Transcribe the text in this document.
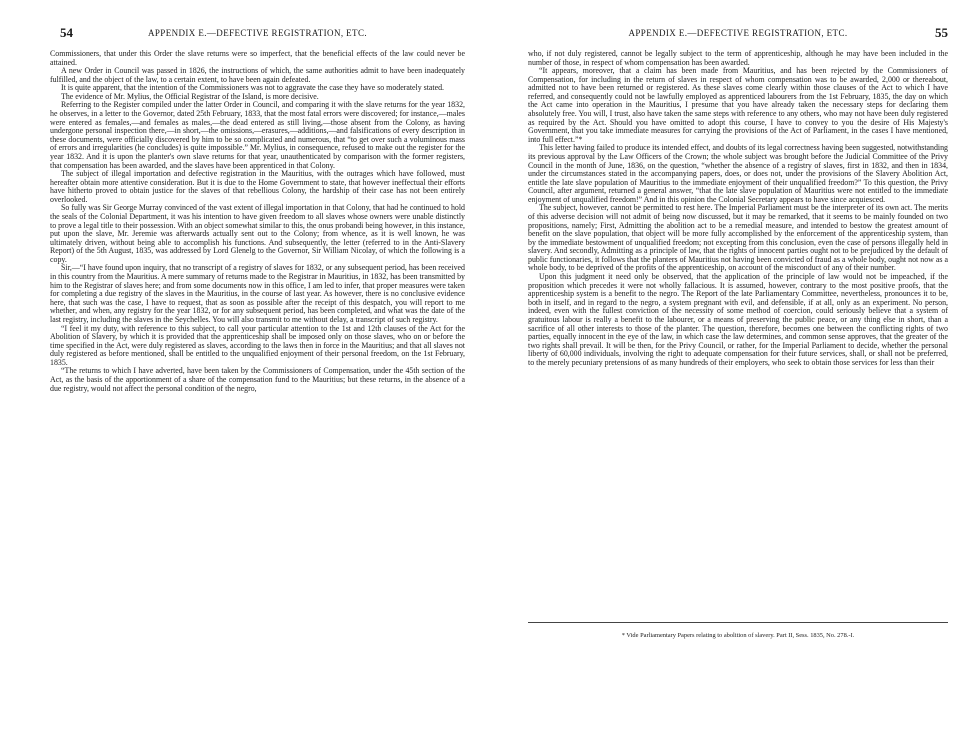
54	APPENDIX E.—DEFECTIVE REGISTRATION, ETC.

Commissioners, that under this Order the slave returns were so imperfect, that the beneficial effects of the law could never be attained.

A new Order in Council was passed in 1826, the instructions of which, the same authorities admit to have been inadequately fulfilled, and the object of the law, to a certain extent, to have been again defeated.

It is quite apparent, that the intention of the Commissioners was not to aggravate the case they have so moderately stated.

The evidence of Mr. Mylius, the Official Registrar of the Island, is more decisive.

Referring to the Register compiled under the latter Order in Council, and comparing it with the slave returns for the year 1832, he observes, in a letter to the Governor, dated 25th February, 1833, that the most fatal errors were discovered; for instance,—males were entered as females,—and females as males,—the dead entered as still living,—those absent from the Colony, as having undergone personal inspection there,—in short,—the omissions,—erasures,—additions,—and falsifications of every description in these documents, were officially discovered by him to be so complicated and numerous, that “to get over such a voluminous mass of errors and irregularities (he concludes) is quite impossible.” Mr. Mylius, in consequence, refused to make out the register for the year 1832. And it is upon the planter's own slave returns for that year, unauthenticated by comparison with the former registers, that compensation has been awarded, and the slaves have been apprenticed in that Colony.

The subject of illegal importation and defective registration in the Mauritius, with the outrages which have followed, must hereafter obtain more attentive consideration. But it is due to the Home Government to state, that however ineffectual their efforts have hitherto proved to obtain justice for the slaves of that rebellious Colony, the hardship of their case has not been entirely overlooked.

So fully was Sir George Murray convinced of the vast extent of illegal importation in that Colony, that had he continued to hold the seals of the Colonial Department, it was his intention to have given freedom to all slaves whose owners were unable distinctly to prove a legal title to their possession. With an object somewhat similar to this, the onus probandi being however, in this instance, put upon the slave, Mr. Jeremie was afterwards actually sent out to the Colony; from whence, as it is well known, he was ultimately driven, without being able to accomplish his functions. And subsequently, the letter (referred to in the Anti-Slavery Report) of the 5th August, 1835, was addressed by Lord Glenelg to the Governor, Sir William Nicolay, of which the following is a copy.

Sir,—“I have found upon inquiry, that no transcript of a registry of slaves for 1832, or any subsequent period, has been received in this country from the Mauritius. A mere summary of returns made to the Registrar in Mauritius, in 1832, has been transmitted by him to the Registrar of slaves here; and from some documents now in this office, I am led to infer, that proper measures were taken for completing a due registry of the slaves in the Mauritius, in the course of last year. As however, there is no conclusive evidence here, that such was the case, I have to request, that as soon as possible after the receipt of this despatch, you will report to me whether, and when, any registry for the year 1832, or for any subsequent period, has been completed, and what was the date of the last registry, including the slaves in the Seychelles. You will also transmit to me without delay, a transcript of such registry.

“I feel it my duty, with reference to this subject, to call your particular attention to the 1st and 12th clauses of the Act for the Abolition of Slavery, by which it is provided that the apprenticeship shall be imposed only on those slaves, who on or before the time specified in the Act, were duly registered as slaves, according to the laws then in force in the Mauritius; and that all slaves not duly registered as before mentioned, shall be entitled to the unqualified enjoyment of their personal freedom, on the 1st February, 1835.

“The returns to which I have adverted, have been taken by the Commissioners of Compensation, under the 45th section of the Act, as the basis of the apportionment of a share of the compensation fund to the Mauritius; but these returns, in the absence of a due registry, would not affect the personal condition of the negro,

APPENDIX E.—DEFECTIVE REGISTRATION, ETC.	55

who, if not duly registered, cannot be legally subject to the term of apprenticeship, although he may have been included in the number of those, in respect of whom compensation has been awarded.

“It appears, moreover, that a claim has been made from Mauritius, and has been rejected by the Commissioners of Compensation, for including in the return of slaves in respect of whom compensation was to be awarded, 2,000 or thereabout, admitted not to have been returned or registered. As these slaves come clearly within those clauses of the Act to which I have referred, and consequently could not be lawfully employed as apprenticed labourers from the 1st February, 1835, the day on which the Act came into operation in the Mauritius, I presume that you have already taken the necessary steps for declaring them absolutely free. You will, I trust, also have taken the same steps with reference to any others, who may not have been duly registered as required by the Act. Should you have omitted to adopt this course, I have to convey to you the desire of His Majesty's Government, that you take immediate measures for carrying the provisions of the Act of Parliament, in the cases I have mentioned, into full effect.”*

This letter having failed to produce its intended effect, and doubts of its legal correctness having been suggested, notwithstanding its previous approval by the Law Officers of the Crown; the whole subject was brought before the Judicial Committee of the Privy Council in the month of June, 1836, on the question, “whether the absence of a registry of slaves, first in 1832, and then in 1834, under the circumstances stated in the accompanying papers, does, or does not, under the provisions of the Slavery Abolition Act, entitle the late slave population of Mauritius to the immediate enjoyment of their unqualified freedom?” To this question, the Privy Council, after argument, returned a general answer, “that the late slave population of Mauritius were not entitled to the immediate enjoyment of unqualified freedom!” And in this opinion the Colonial Secretary appears to have since acquiesced.

The subject, however, cannot be permitted to rest here. The Imperial Parliament must be the interpreter of its own act. The merits of this adverse decision will not admit of being now discussed, but it may be remarked, that it seems to be mainly founded on two propositions, namely; First, Admitting the abolition act to be a remedial measure, and intended to bestow the greatest amount of benefit on the slave population, that object will be more fully accomplished by the enforcement of the apprenticeship system, than by the immediate bestowment of unqualified freedom; not excepting from this conclusion, even the case of persons illegally held in slavery. And secondly, Admitting as a principle of law, that the rights of innocent parties ought not to be prejudiced by the default of public functionaries, it follows that the planters of Mauritius not having been convicted of fraud as a whole body, ought not now as a whole body, to be deprived of the profits of the apprenticeship, on account of the misconduct of any of their number.

Upon this judgment it need only be observed, that the application of the principle of law would not be impeached, if the proposition which precedes it were not wholly fallacious. It is assumed, however, contrary to the most positive proofs, that the apprenticeship system is a benefit to the negro. The Report of the late Parliamentary Committee, nevertheless, pronounces it to be, both in itself, and in regard to the negro, a system pregnant with evil, and defensible, if at all, only as an experiment. No person, indeed, even with the fullest conviction of the necessity of some method of coercion, could seriously believe that a system of gratuitous labour is really a benefit to the labourer, or a means of preserving the public peace, or any thing else in short, than a sacrifice of all other interests to those of the planter. The question, therefore, becomes one between the conflicting rights of two parties, equally innocent in the eye of the law, in which case the law determines, and common sense approves, that the greater of the two rights shall prevail. It will be then, for the Privy Council, or rather, for the Imperial Parliament to decide, whether the personal liberty of 60,000 individuals, involving the right to adequate compensation for their future services, shall, or shall not be preferred, to the merely pecuniary pretensions of as many hundreds of their employers, who seek to obtain those services for less than their

* Vide Parliamentary Papers relating to abolition of slavery. Part II, Sess. 1835, No. 278.-I.
